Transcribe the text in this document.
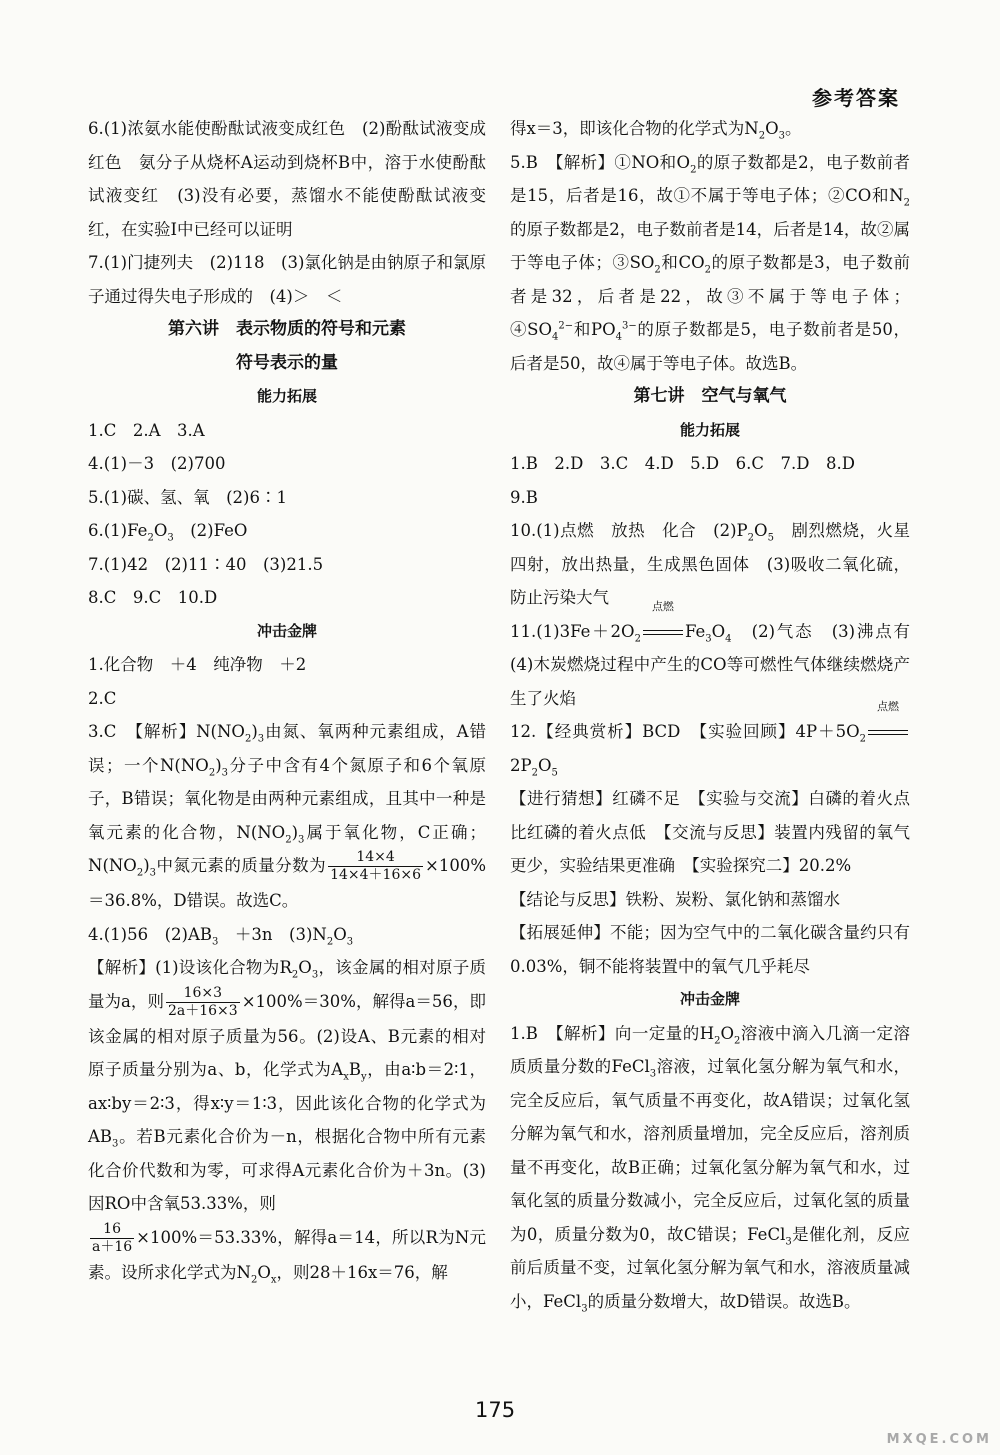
参考答案

6.(1)浓氨水能使酚酞试液变成红色　(2)酚酞试液变成红色　氨分子从烧杯A运动到烧杯B中，溶于水使酚酞试液变红　(3)没有必要，蒸馏水不能使酚酞试液变红，在实验Ⅰ中已经可以证明

7.(1)门捷列夫　(2)118　(3)氯化钠是由钠原子和氯原子通过得失电子形成的　(4)＞　＜

第六讲　表示物质的符号和元素

符号表示的量

能力拓展

1.C　2.A　3.A

4.(1)－3　(2)700

5.(1)碳、氢、氧　(2)6∶1

$6.(1)Fe_2O_3$　(2)FeO

7.(1)42　(2)11∶40　(3)21.5

8.C　9.C　10.D

冲击金牌

1.化合物　＋4　纯净物　＋2

2.C

3.C　【解析】$N(NO_2)_3$由氮、氧两种元素组成，A错误；一个$N(NO_2)_3$分子中含有4个氮原子和6个氧原子，B错误；氧化物是由两种元素组成，且其中一种是氧元素的化合物，$N(NO_2)_3$属于氧化物，C正确；$N(NO_2)_3$中氮元素的质量分数为 $\frac{14\times 4}{14\times 4+16\times 6} \times 100\%=36.8\%$，D错误。故选C。

4.(1)56　$(2)AB_3$　＋3n　$(3)N_2O_3$

【解析】(1)设该化合物为$R_2O_3$，该金属的相对原子质量为a，则 $\frac{16\times 3}{2a+16\times 3} \times 100\%=30\%$，解得a＝56，即该金属的相对原子质量为56。(2)设A、B元素的相对原子质量分别为a、b，化学式为$A_xB_y$，由a∶b＝2∶1，ax∶by＝2∶3，得x∶y＝1∶3，因此该化合物的化学式为$AB_3$。若B元素化合价为－n，根据化合物中所有元素化合价代数和为零，可求得A元素化合价为＋3n。(3)因RO中含氧53.33%，则

$\frac{16}{a+16} \times 100\%=53.33\%$，解得a＝14，所以R为N元素。设所求化学式为$N_2O_x$，则28＋16x＝76，解

得x＝3，即该化合物的化学式为$N_2O_3$。

5.B　【解析】①NO和$O_2$的原子数都是2，电子数前者是15，后者是16，故①不属于等电子体；②CO和$N_2$的原子数都是2，电子数前者是14，后者是14，故②属于等电子体；$③SO_2$和$CO_2$的原子数都是3，电子数前者是32，后者是22，故③不属于等电子体；$④SO_4^{2-}$和$PO_4^{3-}$的原子数都是5，电子数前者是50，后者是50，故④属于等电子体。故选B。

第七讲　空气与氧气

能力拓展

1.B　2.D　3.C　4.D　5.D　6.C　7.D　8.D

9.B

10.(1)点燃　放热　化合　$(2)P_2O_5$　剧烈燃烧，火星四射，放出热量，生成黑色固体　(3)吸收二氧化硫，防止污染大气

$11.(1)3Fe+2O_2$
点燃
$Fe_3O_4$　(2)气态　(3)沸点有　(4)木炭燃烧过程中产生的CO等可燃性气体继续燃烧产生了火焰

12.【经典赏析】BCD　【实验回顾】$4P+5O_2$
点燃
$2P_2O_5$
【进行猜想】红磷不足　【实验与交流】白磷的着火点比红磷的着火点低　【交流与反思】装置内残留的氧气更少，实验结果更准确　【实验探究二】20.2%
【结论与反思】铁粉、炭粉、氯化钠和蒸馏水
【拓展延伸】不能；因为空气中的二氧化碳含量约只有0.03%，铜不能将装置中的氧气几乎耗尽

冲击金牌

1.B　【解析】向一定量的$H_2O_2$溶液中滴入几滴一定溶质质量分数的FeCl$_3$溶液，过氧化氢分解为氧气和水，完全反应后，氧气质量不再变化，故A错误；过氧化氢分解为氧气和水，溶剂质量增加，完全反应后，溶剂质量不再变化，故B正确；过氧化氢分解为氧气和水，过氧化氢的质量分数减小，完全反应后，过氧化氢的质量为0，质量分数为0，故C错误；FeCl$_3$是催化剂，反应前后质量不变，过氧化氢分解为氧气和水，溶液质量减小，FeCl$_3$的质量分数增大，故D错误。故选B。

175
MXQE.COM
